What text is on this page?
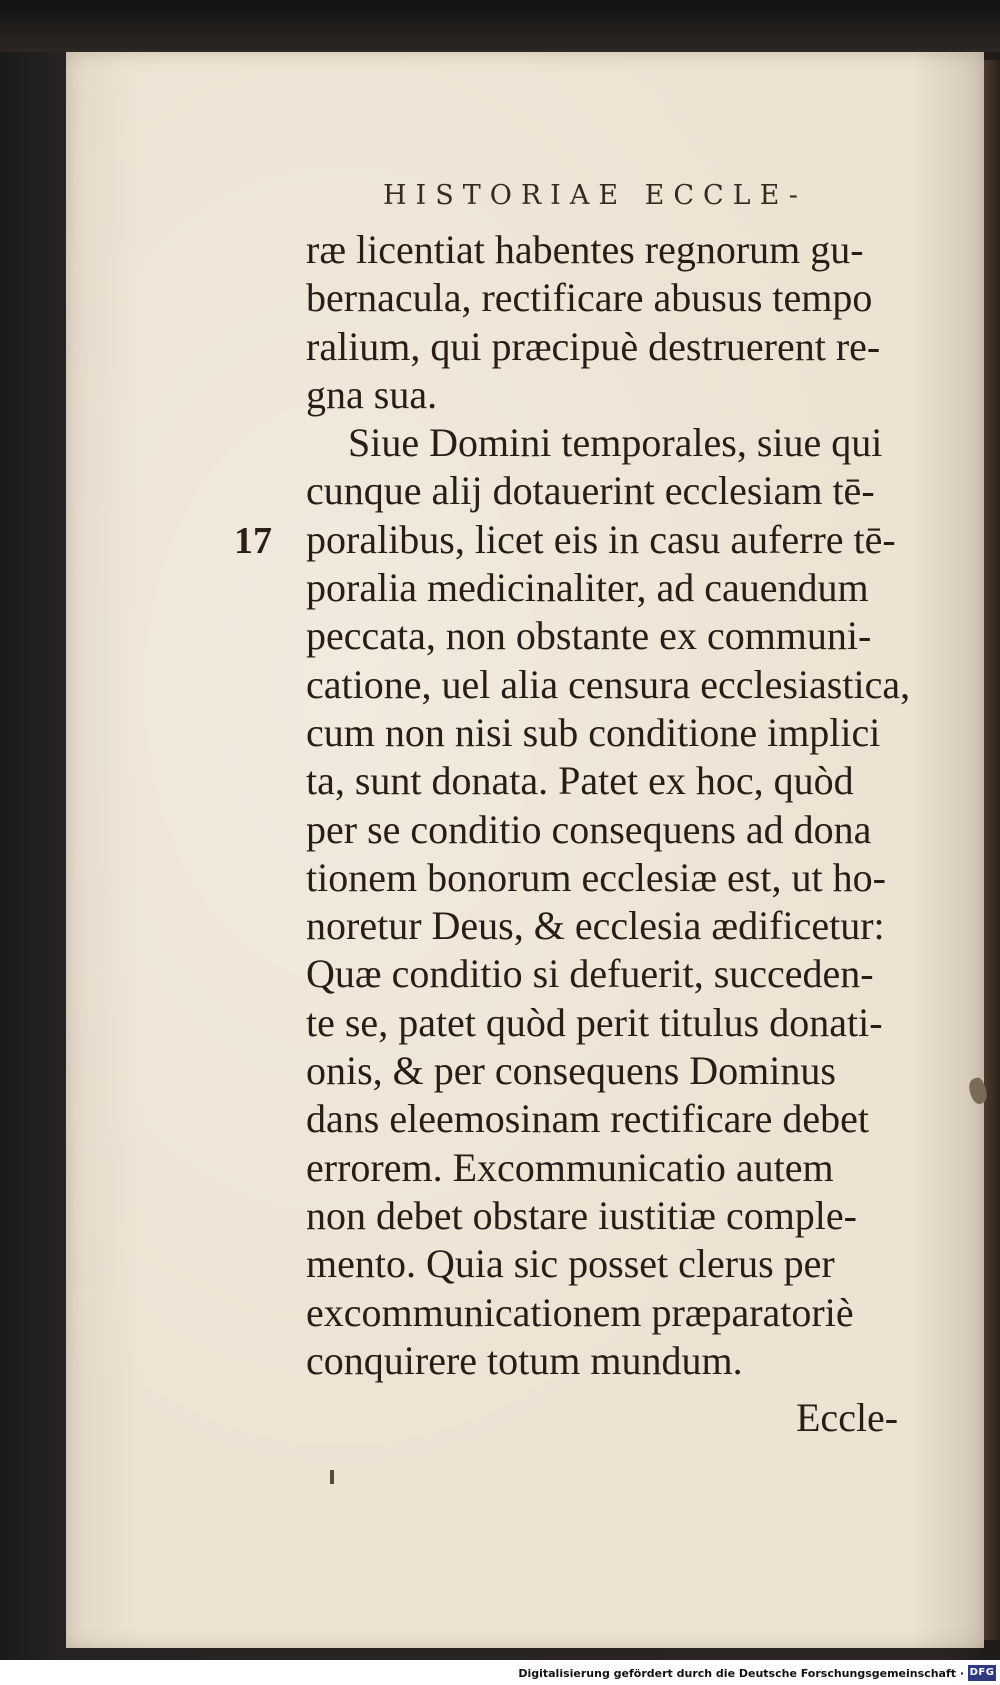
HISTORIAE ECCLE-
17
ræ licentiat habentes regnorum gu-
bernacula, rectificare abusus tempo
ralium, qui præcipuè destruerent re-
gna sua.
Siue Domini temporales, siue qui
cunque alij dotauerint ecclesiam tē-
poralibus, licet eis in casu auferre tē-
poralia medicinaliter, ad cauendum
peccata, non obstante ex communi-
catione, uel alia censura ecclesiastica,
cum non nisi sub conditione implici
ta, sunt donata. Patet ex hoc, quòd
per se conditio consequens ad dona
tionem bonorum ecclesiæ est, ut ho-
noretur Deus, & ecclesia ædificetur:
Quæ conditio si defuerit, succeden-
te se, patet quòd perit titulus donati-
onis, & per consequens Dominus
dans eleemosinam rectificare debet
errorem. Excommunicatio autem
non debet obstare iustitiæ comple-
mento. Quia sic posset clerus per
excommunicationem præparatoriè
conquirere totum mundum.
Eccle-
Digitalisierung gefördert durch die Deutsche Forschungsgemeinschaft · DFG
